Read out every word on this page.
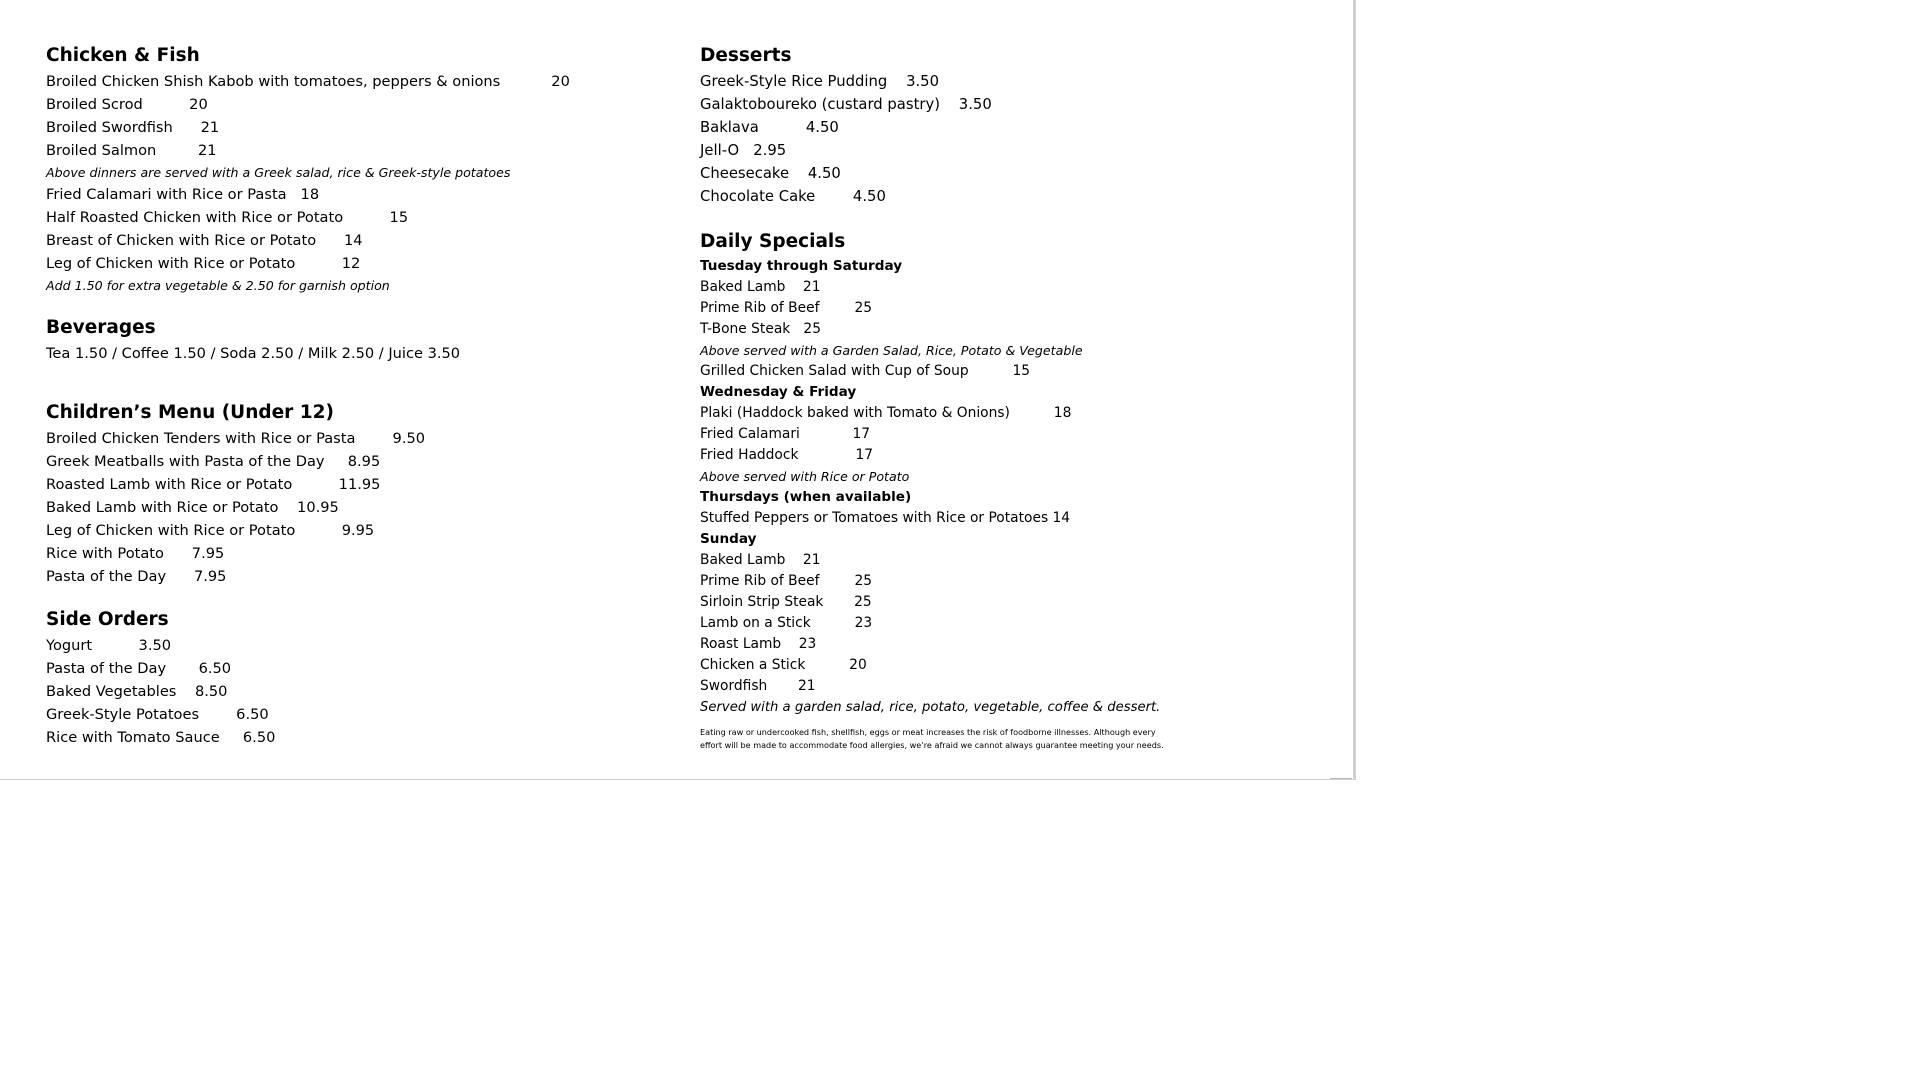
Chicken & Fish
Broiled Chicken Shish Kabob with tomatoes, peppers & onions           20
Broiled Scrod          20
Broiled Swordfish      21
Broiled Salmon         21
Above dinners are served with a Greek salad, rice & Greek-style potatoes
Fried Calamari with Rice or Pasta   18
Half Roasted Chicken with Rice or Potato          15
Breast of Chicken with Rice or Potato      14
Leg of Chicken with Rice or Potato          12
Add 1.50 for extra vegetable & 2.50 for garnish option
Beverages
Tea 1.50 / Coffee 1.50 / Soda 2.50 / Milk 2.50 / Juice 3.50
Children’s Menu (Under 12)
Broiled Chicken Tenders with Rice or Pasta        9.50
Greek Meatballs with Pasta of the Day     8.95
Roasted Lamb with Rice or Potato          11.95
Baked Lamb with Rice or Potato    10.95
Leg of Chicken with Rice or Potato          9.95
Rice with Potato      7.95
Pasta of the Day      7.95
Side Orders
Yogurt          3.50
Pasta of the Day       6.50
Baked Vegetables    8.50
Greek-Style Potatoes        6.50
Rice with Tomato Sauce     6.50
Desserts
Greek-Style Rice Pudding    3.50
Galaktoboureko (custard pastry)    3.50
Baklava          4.50
Jell-O   2.95
Cheesecake    4.50
Chocolate Cake        4.50
Daily Specials
Tuesday through Saturday
Baked Lamb    21
Prime Rib of Beef        25
T-Bone Steak   25
Above served with a Garden Salad, Rice, Potato & Vegetable
Grilled Chicken Salad with Cup of Soup          15
Wednesday & Friday
Plaki (Haddock baked with Tomato & Onions)          18
Fried Calamari            17
Fried Haddock             17
Above served with Rice or Potato
Thursdays (when available)
Stuffed Peppers or Tomatoes with Rice or Potatoes 14
Sunday
Baked Lamb    21
Prime Rib of Beef        25
Sirloin Strip Steak       25
Lamb on a Stick          23
Roast Lamb    23
Chicken a Stick          20
Swordfish       21
Served with a garden salad, rice, potato, vegetable, coffee & dessert.
Eating raw or undercooked fish, shellfish, eggs or meat increases the risk of foodborne illnesses. Although every
effort will be made to accommodate food allergies, we’re afraid we cannot always guarantee meeting your needs.
